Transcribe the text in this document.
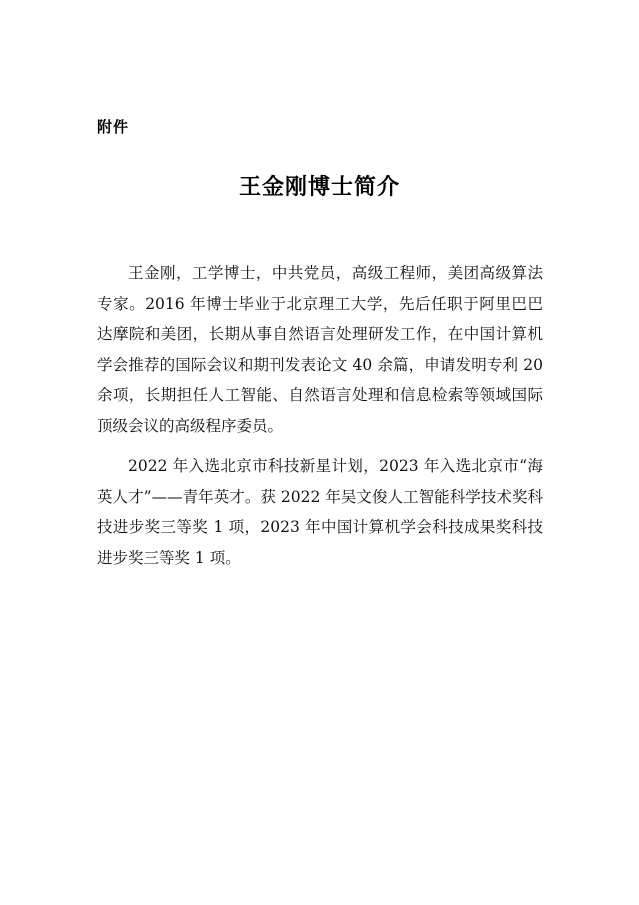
附件
王金刚博士简介

王金刚，工学博士，中共党员，高级工程师，美团高级算法专家。2016 年博士毕业于北京理工大学，先后任职于阿里巴巴达摩院和美团，长期从事自然语言处理研发工作，在中国计算机学会推荐的国际会议和期刊发表论文 40 余篇，申请发明专利 20 余项，长期担任人工智能、自然语言处理和信息检索等领域国际顶级会议的高级程序委员。

2022 年入选北京市科技新星计划，2023 年入选北京市“海英人才”——青年英才。获 2022 年吴文俊人工智能科学技术奖科技进步奖三等奖 1 项，2023 年中国计算机学会科技成果奖科技进步奖三等奖 1 项。
